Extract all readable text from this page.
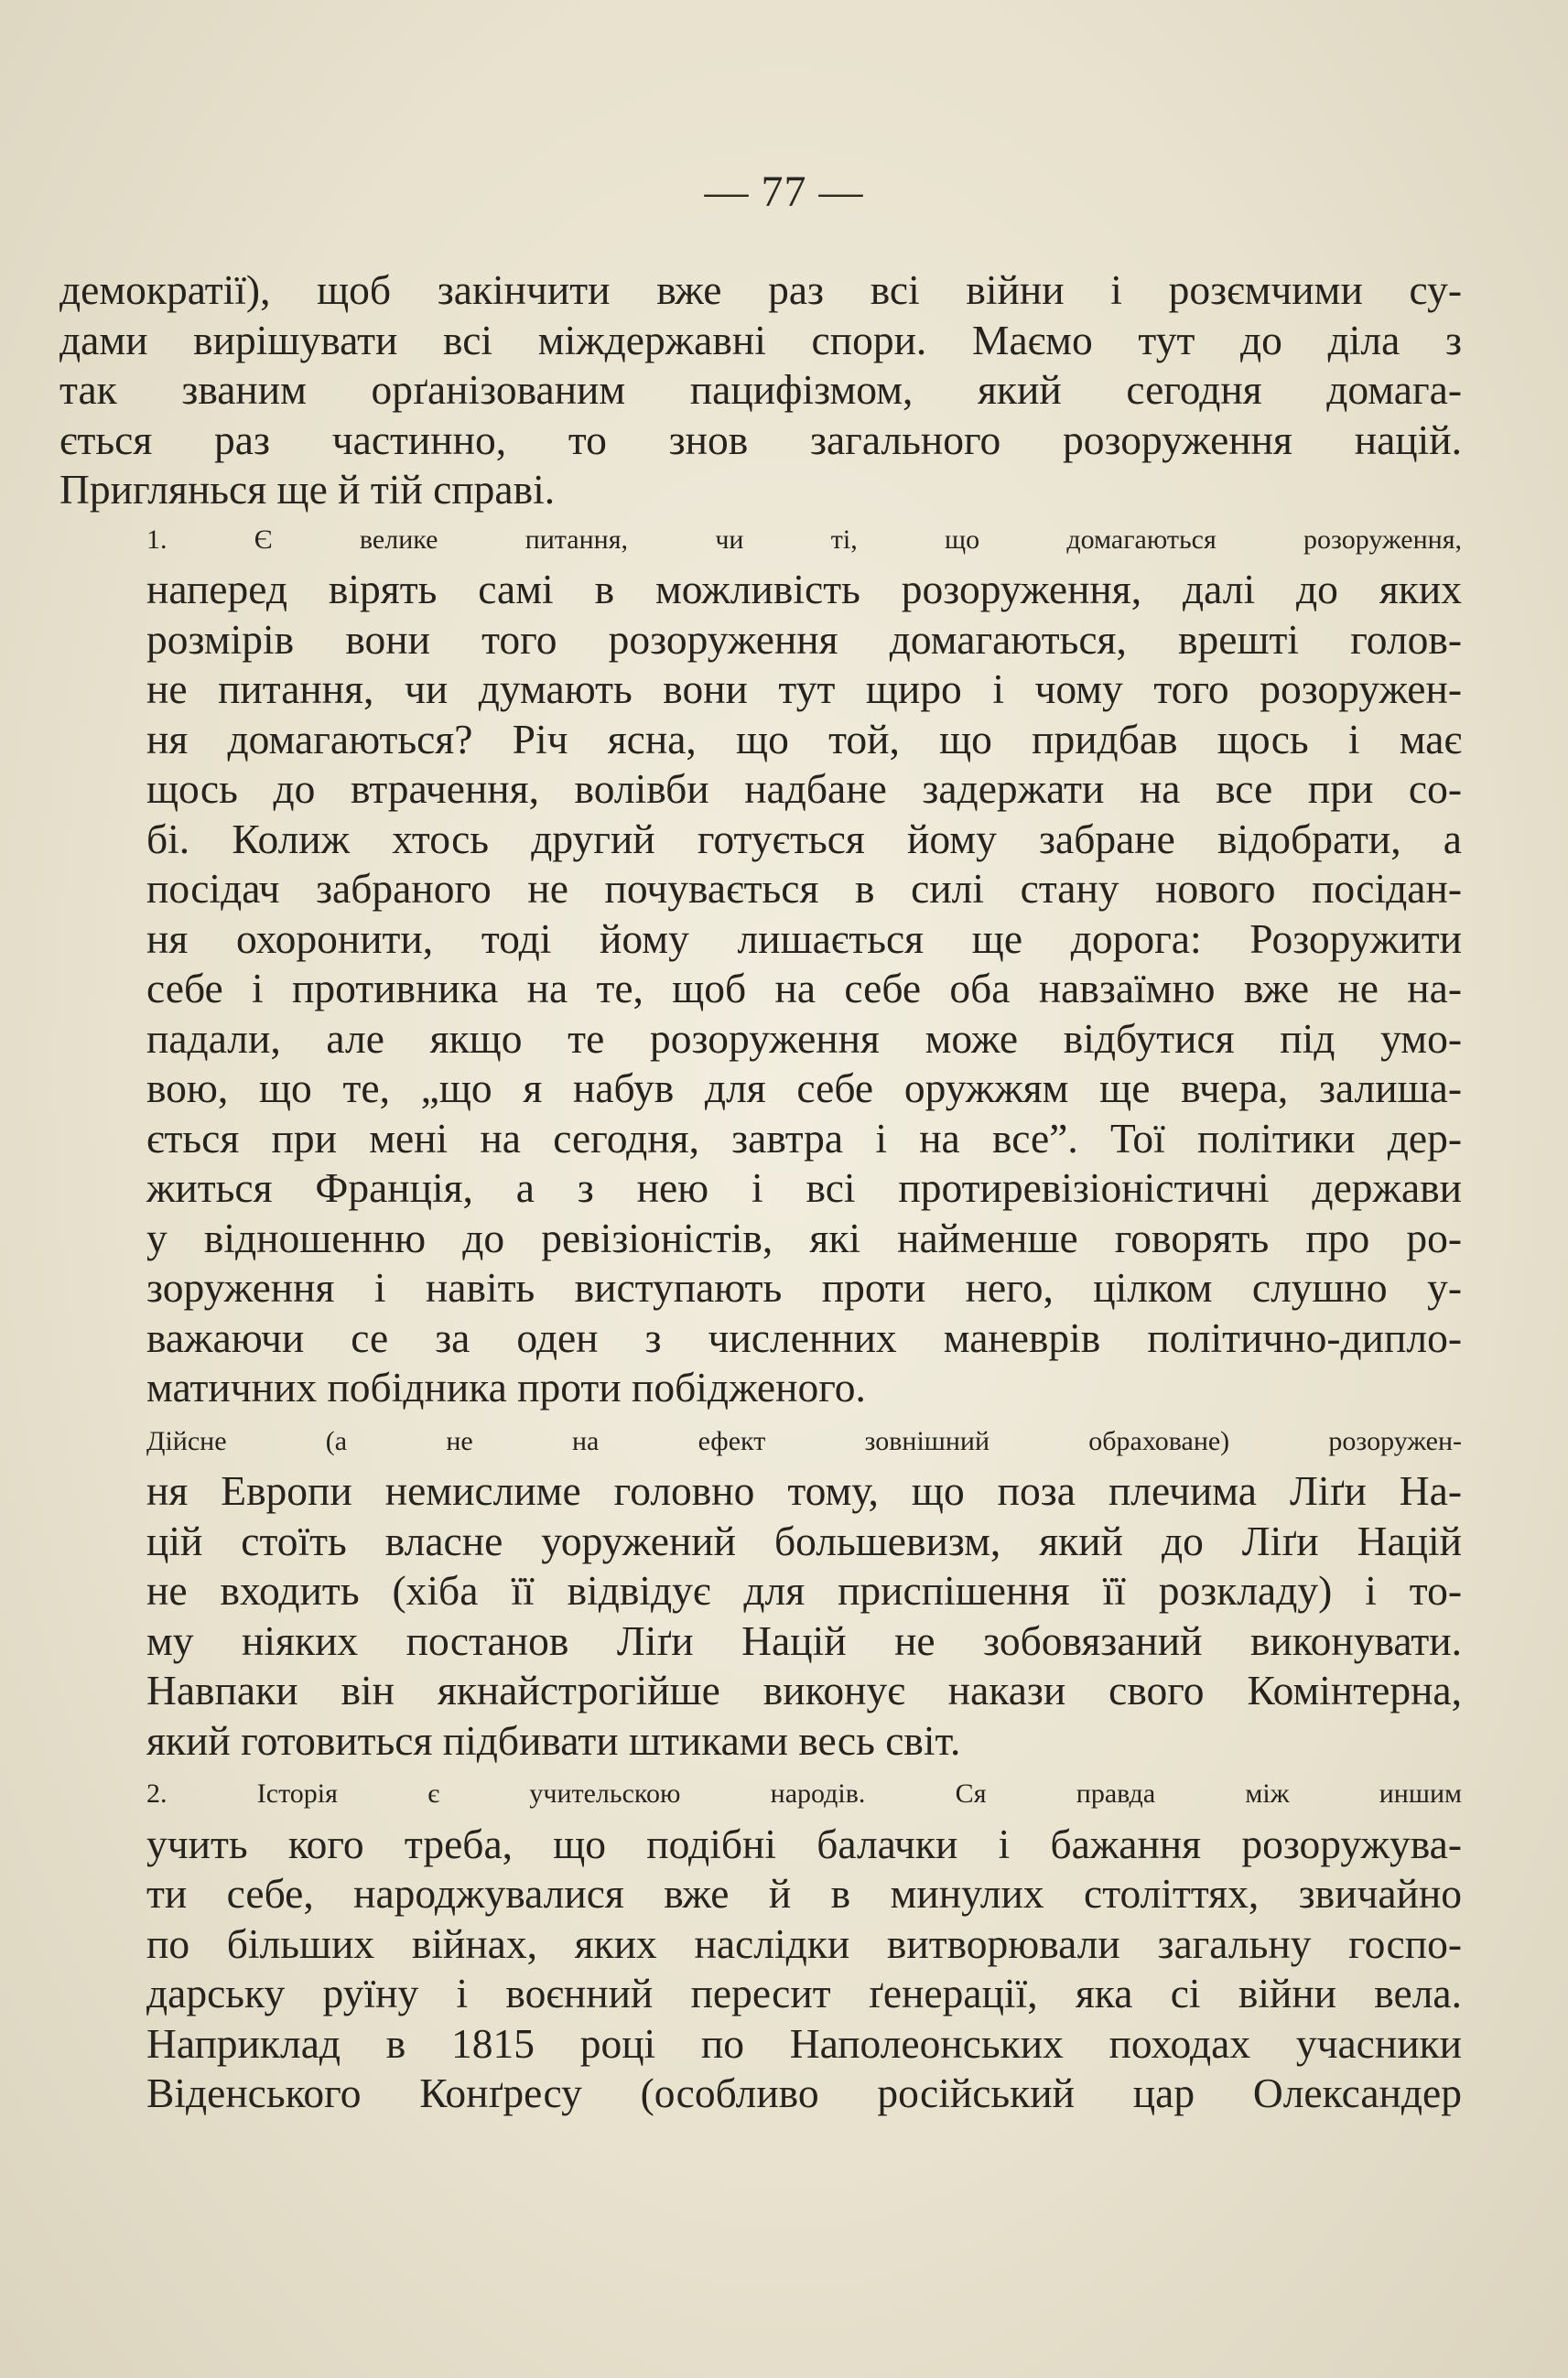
— 77 —

демократії), щоб закінчити вже раз всі війни і розємчими су-
дами вирішувати всі міждержавні спори. Маємо тут до діла з
так званим орґанізованим пацифізмом, який сегодня домага-
ється раз частинно, то знов загального розоруження націй.
Приглянься ще й тій справі.

1. Є велике питання, чи ті, що домагаються розоруження,
наперед вірять самі в можливість розоруження, далі до яких
розмірів вони того розоруження домагаються, врешті голов-
не питання, чи думають вони тут щиро і чому того розоружен-
ня домагаються? Річ ясна, що той, що придбав щось і має
щось до втрачення, волівби надбане задержати на все при со-
бі. Колиж хтось другий готується йому забране відобрати, а
посідач забраного не почувається в силі стану нового посідан-
ня охоронити, тоді йому лишається ще дорога: Розоружити
себе і противника на те, щоб на себе оба навзаїмно вже не на-
падали, але якщо те розоруження може відбутися під умо-
вою, що те, „що я набув для себе оружжям ще вчера, залиша-
ється при мені на сегодня, завтра і на все”. Тої політики дер-
житься Франція, а з нею і всі протиревізіоністичні держави
у відношенню до ревізіоністів, які найменше говорять про ро-
зоруження і навіть виступають проти него, цілком слушно у-
важаючи се за оден з численних маневрів політично-диплo-
матичних побідника проти побідженого.

Дійсне (а не на ефект зовнішний обраховане) розоружен-
ня Европи немислиме головно тому, що поза плечима Ліґи На-
цій стоїть власне уоружений большевизм, який до Ліґи Націй
не входить (хіба її відвідує для приспішення її розкладу) і то-
му ніяких постанов Ліґи Націй не зобовязаний виконувати.
Навпаки він якнайстрогійше виконує накази свого Комінтерна,
який готовиться підбивати штиками весь світ.

2. Історія є учительскою народів. Ся правда між иншим
учить кого треба, що подібні балачки і бажання розоружува-
ти себе, народжувалися вже й в минулих століттях, звичайно
по більших війнах, яких наслідки витворювали загальну госпо-
дарську руїну і воєнний пересит ґенерації, яка сі війни вела.
Наприклад в 1815 році по Наполеонських походах учасники
Віденського Конґресу (особливо російський цар Олександер
